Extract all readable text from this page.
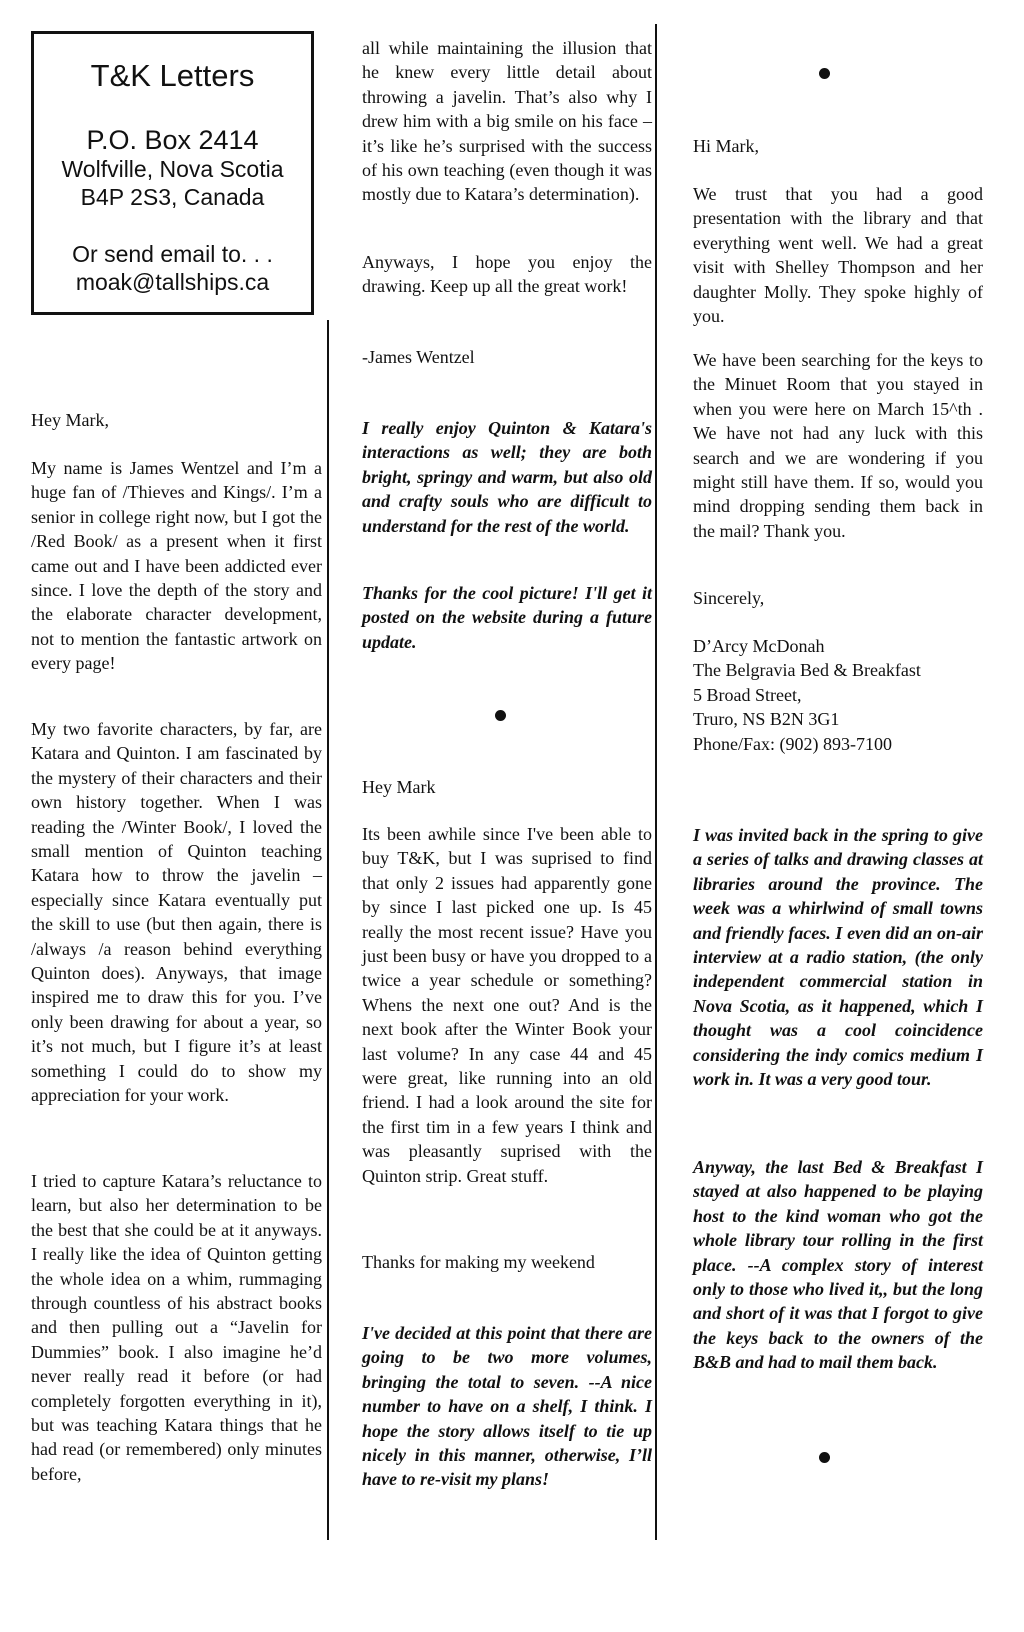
T&K Letters
P.O. Box 2414
Wolfville, Nova Scotia
B4P 2S3, Canada
Or send email to. . .
moak@tallships.ca

Hey Mark,

My name is James Wentzel and I’m a huge fan of /Thieves and Kings/. I’m a senior in college right now, but I got the /Red Book/ as a present when it first came out and I have been addicted ever since. I love the depth of the story and the elaborate character development, not to mention the fantastic artwork on every page!

My two favorite characters, by far, are Katara and Quinton. I am fascinated by the mystery of their characters and their own history together. When I was reading the /Winter Book/, I loved the small mention of Quinton teaching Katara how to throw the javelin – especially since Katara eventually put the skill to use (but then again, there is /always /a reason behind everything Quinton does). Anyways, that image inspired me to draw this for you. I’ve only been drawing for about a year, so it’s not much, but I figure it’s at least something I could do to show my appreciation for your work.

I tried to capture Katara’s reluctance to learn, but also her determination to be the best that she could be at it anyways. I really like the idea of Quinton getting the whole idea on a whim, rummaging through countless of his abstract books and then pulling out a “Javelin for Dummies” book. I also imagine he’d never really read it before (or had completely forgotten everything in it), but was teaching Katara things that he had read (or remembered) only minutes before,

all while maintaining the illusion that he knew every little detail about throwing a javelin. That’s also why I drew him with a big smile on his face – it’s like he’s surprised with the success of his own teaching (even though it was mostly due to Katara’s determination).

Anyways, I hope you enjoy the drawing. Keep up all the great work!

-James Wentzel

I really enjoy Quinton & Katara's interactions as well; they are both bright, springy and warm, but also old and crafty souls who are difficult to understand for the rest of the world.

Thanks for the cool picture! I'll get it posted on the website during a future update.

Hey Mark

Its been awhile since I've been able to buy T&K, but I was suprised to find that only 2 issues had apparently gone by since I last picked one up. Is 45 really the most recent issue? Have you just been busy or have you dropped to a twice a year schedule or something? Whens the next one out? And is the next book after the Winter Book your last volume? In any case 44 and 45 were great, like running into an old friend. I had a look around the site for the first tim in a few years I think and was pleasantly suprised with the Quinton strip. Great stuff.

Thanks for making my weekend

I've decided at this point that there are going to be two more volumes, bringing the total to seven. --A nice number to have on a shelf, I think. I hope the story allows itself to tie up nicely in this manner, otherwise, I’ll have to re-visit my plans!

Hi Mark,

We trust that you had a good presentation with the library and that everything went well. We had a great visit with Shelley Thompson and her daughter Molly. They spoke highly of you.

We have been searching for the keys to the Minuet Room that you stayed in when you were here on March 15^th . We have not had any luck with this search and we are wondering if you might still have them. If so, would you mind dropping sending them back in the mail? Thank you.

Sincerely,

D’Arcy McDonah

The Belgravia Bed & Breakfast

5 Broad Street,

Truro, NS B2N 3G1

Phone/Fax: (902) 893-7100

I was invited back in the spring to give a series of talks and drawing classes at libraries around the province. The week was a whirlwind of small towns and friendly faces. I even did an on-air interview at a radio station, (the only independent commercial station in Nova Scotia, as it happened, which I thought was a cool coincidence considering the indy comics medium I work in. It was a very good tour.

Anyway, the last Bed & Breakfast I stayed at also happened to be playing host to the kind woman who got the whole library tour rolling in the first place. --A complex story of interest only to those who lived it,, but the long and short of it was that I forgot to give the keys back to the owners of the B&B and had to mail them back.
